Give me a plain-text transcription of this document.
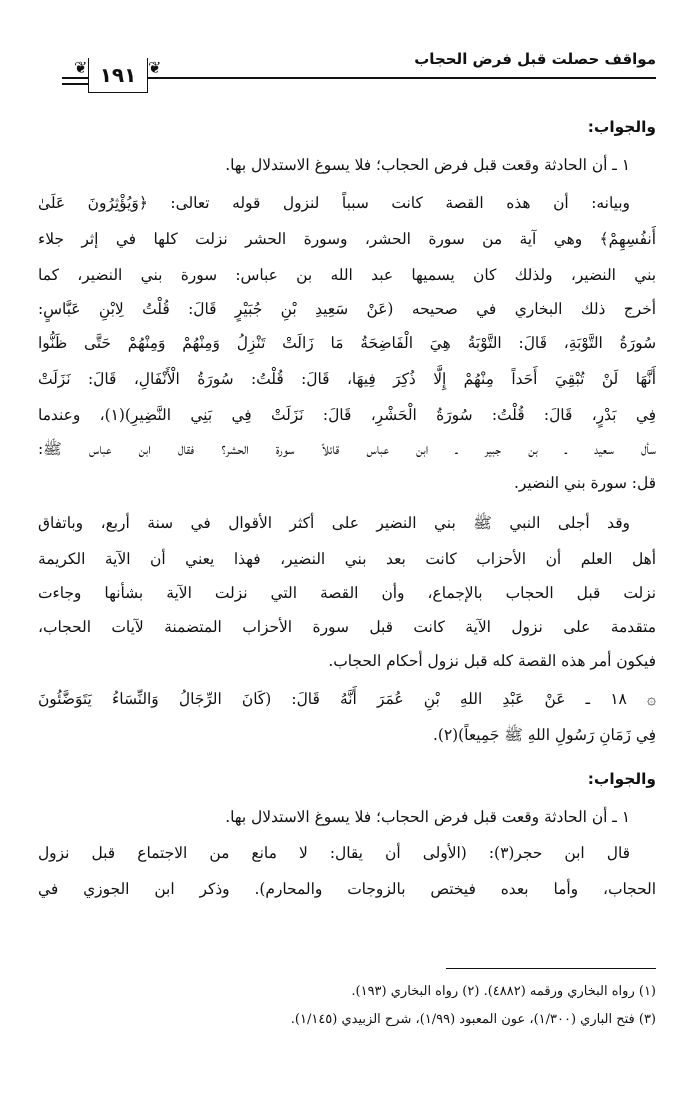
مواقف حصلت قبل فرض الحجاب
❦ ١٩١ ❦
والجواب:
١ ـ أن الحادثة وقعت قبل فرض الحجاب؛ فلا يسوغ الاستدلال بها.
وبيانه: أن هذه القصة كانت سبباً لنزول قوله تعالى: ﴿وَيُؤْثِرُونَ عَلَىٰ
أَنفُسِهِمْ﴾ وهي آية من سورة الحشر، وسورة الحشر نزلت كلها في إثر جلاء
بني النضير، ولذلك كان يسميها عبد الله بن عباس: سورة بني النضير، كما
أخرج ذلك البخاري في صحيحه (عَنْ سَعِيدِ بْنِ جُبَيْرٍ قَالَ: قُلْتُ لِابْنِ عَبَّاسٍ:
سُورَةُ التَّوْبَةِ، قَالَ: التَّوْبَةُ هِيَ الْفَاضِحَةُ مَا زَالَتْ تَنْزِلُ وَمِنْهُمْ وَمِنْهُمْ حَتَّى ظَنُّوا
أَنَّهَا لَنْ تُبْقِيَ أَحَداً مِنْهُمْ إِلَّا ذُكِرَ فِيهَا، قَالَ: قُلْتُ: سُورَةُ الْأَنْفَالِ، قَالَ: نَزَلَتْ
فِي بَدْرٍ، قَالَ: قُلْتُ: سُورَةُ الْحَشْرِ، قَالَ: نَزَلَتْ فِي بَنِي النَّضِيرِ)(١)، وعندما
سأل سعيد ـ بن جبير ـ ابن عباس قائلاً سورة الحشر؟ فقال ابن عباس ﷺ:
قل: سورة بني النضير.
وقد أجلى النبي ﷺ بني النضير على أكثر الأقوال في سنة أربع، وباتفاق
أهل العلم أن الأحزاب كانت بعد بني النضير، فهذا يعني أن الآية الكريمة
نزلت قبل الحجاب بالإجماع، وأن القصة التي نزلت الآية بشأنها وجاءت
متقدمة على نزول الآية كانت قبل سورة الأحزاب المتضمنة لآيات الحجاب،
فيكون أمر هذه القصة كله قبل نزول أحكام الحجاب.
۞ ١٨ ـ عَنْ عَبْدِ اللهِ بْنِ عُمَرَ أَنَّهُ قَالَ: (كَانَ الرِّجَالُ وَالنِّسَاءُ يَتَوَضَّئُونَ
فِي زَمَانِ رَسُولِ اللهِ ﷺ جَمِيعاً)(٢).
والجواب:
١ ـ أن الحادثة وقعت قبل فرض الحجاب؛ فلا يسوغ الاستدلال بها.
قال ابن حجر(٣): (الأولى أن يقال: لا مانع من الاجتماع قبل نزول
الحجاب، وأما بعده فيختص بالزوجات والمحارم). وذكر ابن الجوزي في
(١) رواه البخاري ورقمه (٤٨٨٢). (٢) رواه البخاري (١٩٣).
(٣) فتح الباري (١/٣٠٠)، عون المعبود (١/٩٩)، شرح الزبيدي (١/١٤٥).
